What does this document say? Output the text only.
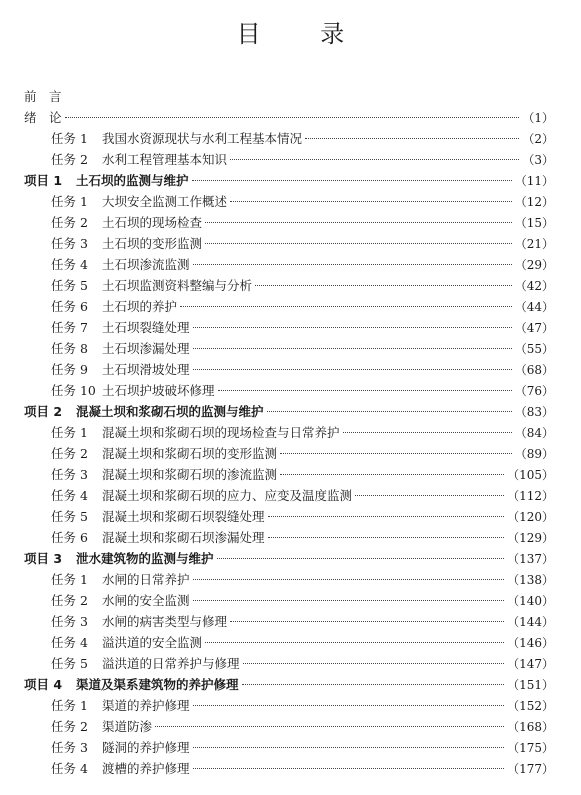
目 录
前　言
绪　论	（1）
任务 1 我国水资源现状与水利工程基本情况	（2）
任务 2 水利工程管理基本知识	（3）
项目 1 土石坝的监测与维护	（11）
任务 1 大坝安全监测工作概述	（12）
任务 2 土石坝的现场检查	（15）
任务 3 土石坝的变形监测	（21）
任务 4 土石坝渗流监测	（29）
任务 5 土石坝监测资料整编与分析	（42）
任务 6 土石坝的养护	（44）
任务 7 土石坝裂缝处理	（47）
任务 8 土石坝渗漏处理	（55）
任务 9 土石坝滑坡处理	（68）
任务 10 土石坝护坡破坏修理	（76）
项目 2 混凝土坝和浆砌石坝的监测与维护	（83）
任务 1 混凝土坝和浆砌石坝的现场检查与日常养护	（84）
任务 2 混凝土坝和浆砌石坝的变形监测	（89）
任务 3 混凝土坝和浆砌石坝的渗流监测	（105）
任务 4 混凝土坝和浆砌石坝的应力、应变及温度监测	（112）
任务 5 混凝土坝和浆砌石坝裂缝处理	（120）
任务 6 混凝土坝和浆砌石坝渗漏处理	（129）
项目 3 泄水建筑物的监测与维护	（137）
任务 1 水闸的日常养护	（138）
任务 2 水闸的安全监测	（140）
任务 3 水闸的病害类型与修理	（144）
任务 4 溢洪道的安全监测	（146）
任务 5 溢洪道的日常养护与修理	（147）
项目 4 渠道及渠系建筑物的养护修理	（151）
任务 1 渠道的养护修理	（152）
任务 2 渠道防渗	（168）
任务 3 隧洞的养护修理	（175）
任务 4 渡槽的养护修理	（177）
